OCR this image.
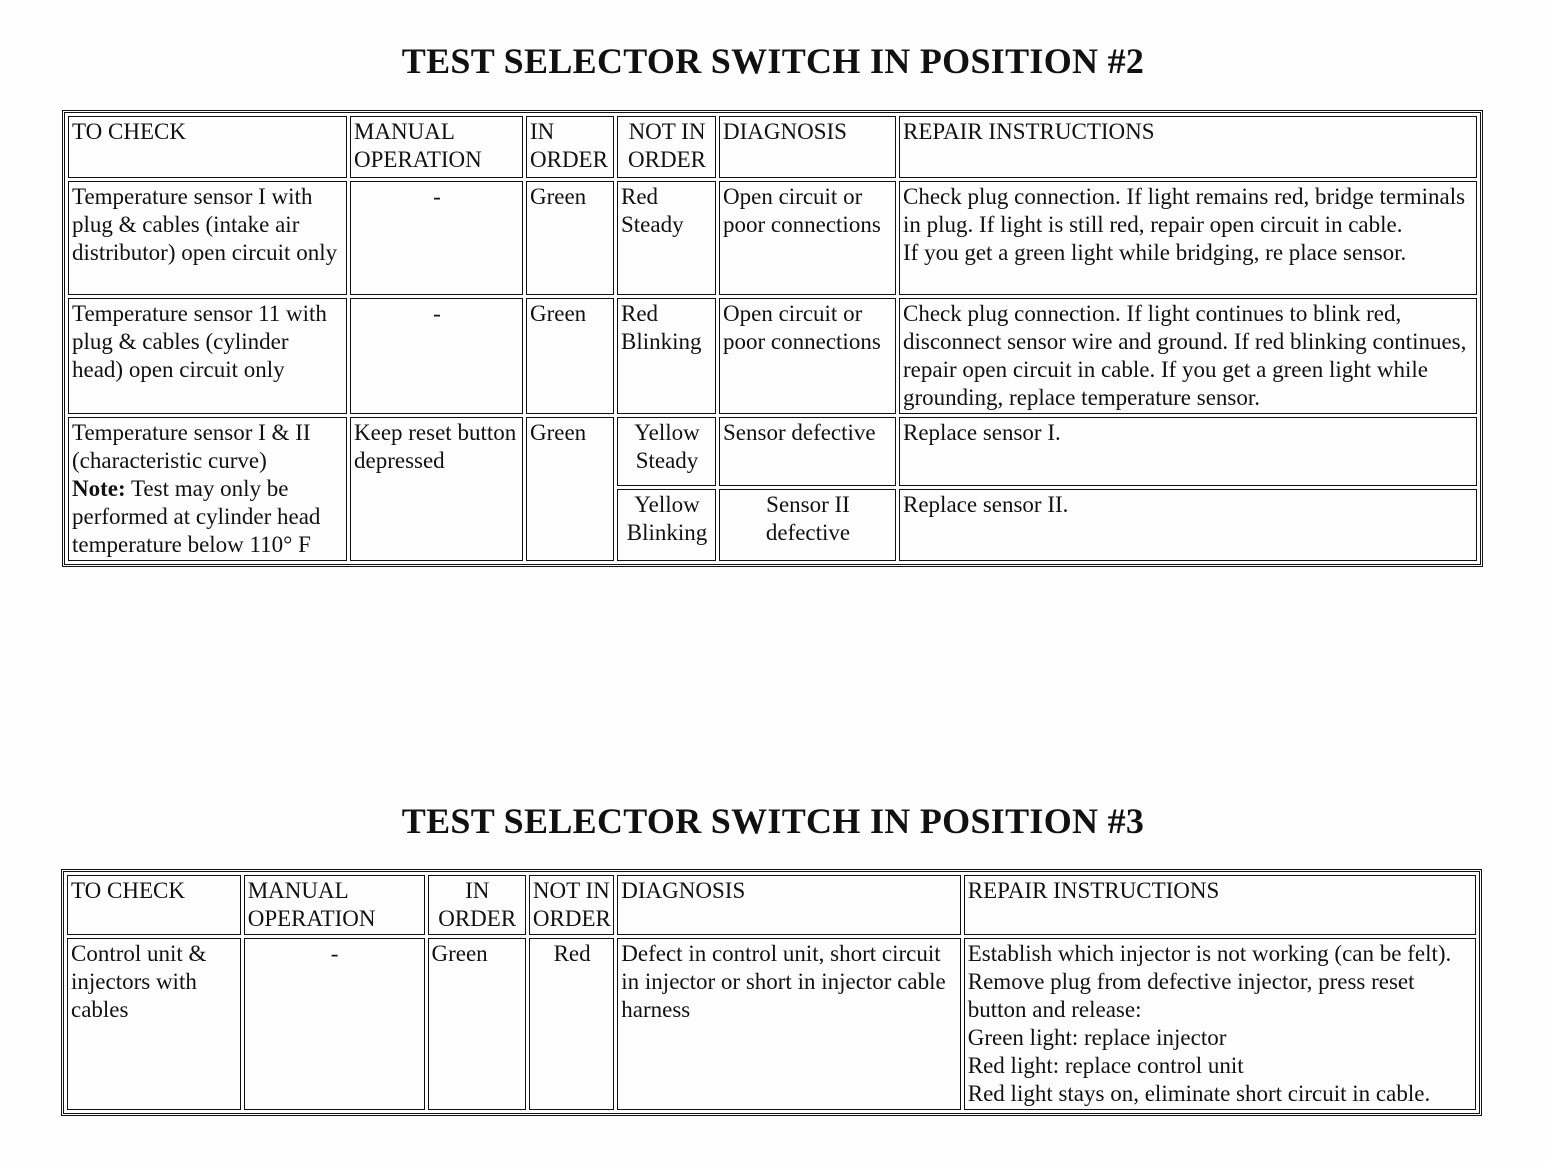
TEST SELECTOR SWITCH IN POSITION #2
TO CHECK	MANUAL OPERATION	IN ORDER	NOT IN ORDER	DIAGNOSIS	REPAIR INSTRUCTIONS
Temperature sensor I with plug & cables (intake air distributor) open circuit only	-	Green	Red Steady	Open circuit or poor connections	Check plug connection. If light remains red, bridge terminals in plug. If light is still red, repair open circuit in cable.
If you get a green light while bridging, re place sensor.

Temperature sensor 11 with plug & cables (cylinder head) open circuit only	-	Green	Red Blinking	Open circuit or poor connections	Check plug connection. If light continues to blink red, disconnect sensor wire and ground. If red blinking continues, repair open circuit in cable. If you get a green light while grounding, replace temperature sensor.
Temperature sensor I & II (characteristic curve)
Note: Test may only be performed at cylinder head temperature below 110° F	Keep reset button depressed	Green	Yellow Steady	Sensor defective	Replace sensor I.
			Yellow Blinking	Sensor II defective	Replace sensor II.
TEST SELECTOR SWITCH IN POSITION #3
TO CHECK	MANUAL OPERATION	IN ORDER	NOT IN ORDER	DIAGNOSIS	REPAIR INSTRUCTIONS
Control unit & injectors with cables	-	Green	Red	Defect in control unit, short circuit in injector or short in injector cable harness	Establish which injector is not working (can be felt). Remove plug from defective injector, press reset button and release:
Green light: replace injector
Red light: replace control unit
Red light stays on, eliminate short circuit in cable.
